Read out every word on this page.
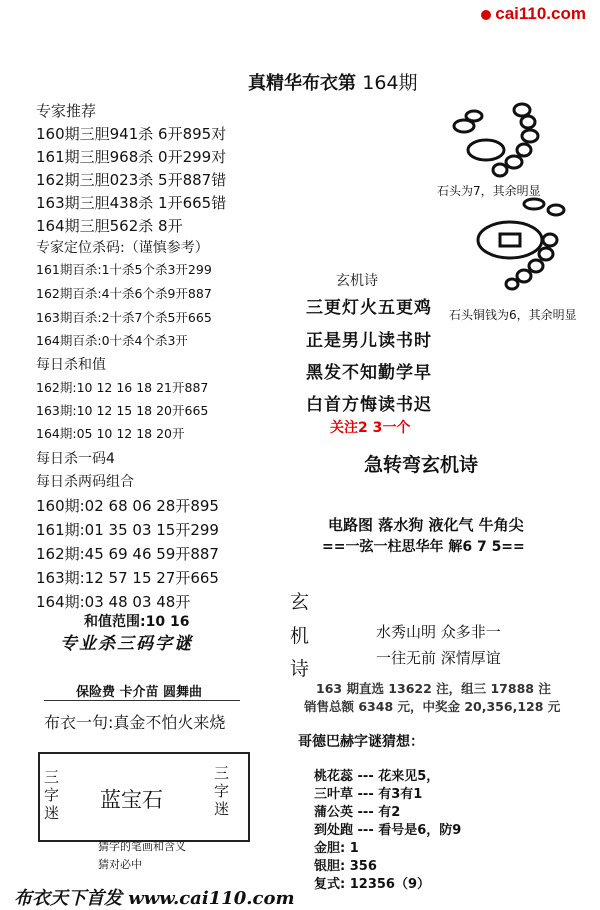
cai110.com
真精华布衣第 164期
专家推荐
160期三胆941杀 6开895对
161期三胆968杀 0开299对
162期三胆023杀 5开887错
163期三胆438杀 1开665错
164期三胆562杀 8开
专家定位杀码:（谨慎参考）
161期百杀:1十杀5个杀3开299
162期百杀:4十杀6个杀9开887
163期百杀:2十杀7个杀5开665
164期百杀:0十杀4个杀3开
每日杀和值
162期:10 12 16 18 21开887
163期:10 12 15 18 20开665
164期:05 10 12 18 20开
每日杀一码4
每日杀两码组合
160期:02 68 06 28开895
161期:01 35 03 15开299
162期:45 69 46 59开887
163期:12 57 15 27开665
164期:03 48 03 48开
和值范围:10 16
专业杀三码字谜
保险费 卡介苗 圆舞曲
布衣一句:真金不怕火来烧
三字迷
蓝宝石
三字迷
猜字的笔画和含义
猜对必中
布衣天下首发 www.cai110.com
石头为7，其余明显
石头铜钱为6，其余明显
玄机诗
三更灯火五更鸡
正是男儿读书时
黑发不知勤学早
白首方悔读书迟
关注2 3一个
急转弯玄机诗
电路图 落水狗 液化气 牛角尖
==一弦一柱思华年 解6 7 5==
玄
机
诗
水秀山明 众多非一
一往无前 深情厚谊
163 期直选 13622 注，组三 17888 注
销售总额 6348 元，中奖金 20,356,128 元
哥德巴赫字谜猜想：
桃花蕊 --- 花来见5，
三叶草 --- 有3有1
蒲公英 --- 有2
到处跑 --- 看号是6，防9
金胆: 1
银胆: 356
复式: 12356（9）
